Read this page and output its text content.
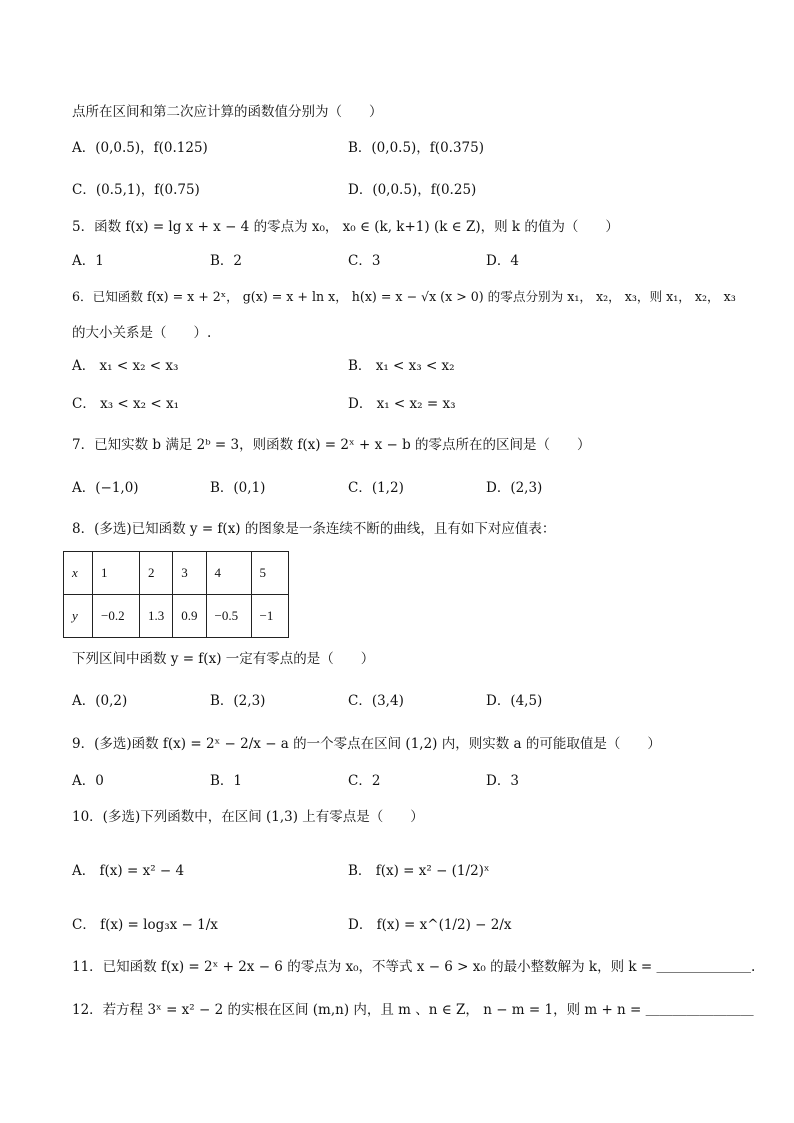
点所在区间和第二次应计算的函数值分别为（　　）
A．(0,0.5)，f(0.125)	B．(0,0.5)，f(0.375)
C．(0.5,1)，f(0.75)	D．(0,0.5)，f(0.25)
5．函数 f(x) = lg x + x − 4 的零点为 x₀， x₀ ∈ (k, k+1) (k ∈ Z)，则 k 的值为（　　）
A．1	B．2	C．3	D．4
6．已知函数 f(x) = x + 2ˣ， g(x) = x + ln x， h(x) = x − √x (x > 0) 的零点分别为 x₁， x₂， x₃，则 x₁， x₂， x₃
的大小关系是（　　）.
A． x₁ < x₂ < x₃	B． x₁ < x₃ < x₂
C． x₃ < x₂ < x₁	D． x₁ < x₂ = x₃
7．已知实数 b 满足 2ᵇ = 3，则函数 f(x) = 2ˣ + x − b 的零点所在的区间是（　　）
A．(−1,0)	B．(0,1)	C．(1,2)	D．(2,3)
8．(多选)已知函数 y = f(x) 的图象是一条连续不断的曲线，且有如下对应值表：
x	1	2	3	4	5
y	−0.2	1.3	0.9	−0.5	−1
下列区间中函数 y = f(x) 一定有零点的是（　　）
A．(0,2)	B．(2,3)	C．(3,4)	D．(4,5)
9．(多选)函数 f(x) = 2ˣ − 2/x − a 的一个零点在区间 (1,2) 内，则实数 a 的可能取值是（　　）
A．0	B．1	C．2	D．3
10．(多选)下列函数中，在区间 (1,3) 上有零点是（　　）
A． f(x) = x² − 4	B． f(x) = x² − (1/2)ˣ
C． f(x) = log₃x − 1/x	D． f(x) = x^(1/2) − 2/x
11．已知函数 f(x) = 2ˣ + 2x − 6 的零点为 x₀，不等式 x − 6 > x₀ 的最小整数解为 k，则 k = ＿＿＿＿＿＿＿.
12．若方程 3ˣ = x² − 2 的实根在区间 (m,n) 内，且 m 、n ∈ Z， n − m = 1，则 m + n = ＿＿＿＿＿＿＿＿
